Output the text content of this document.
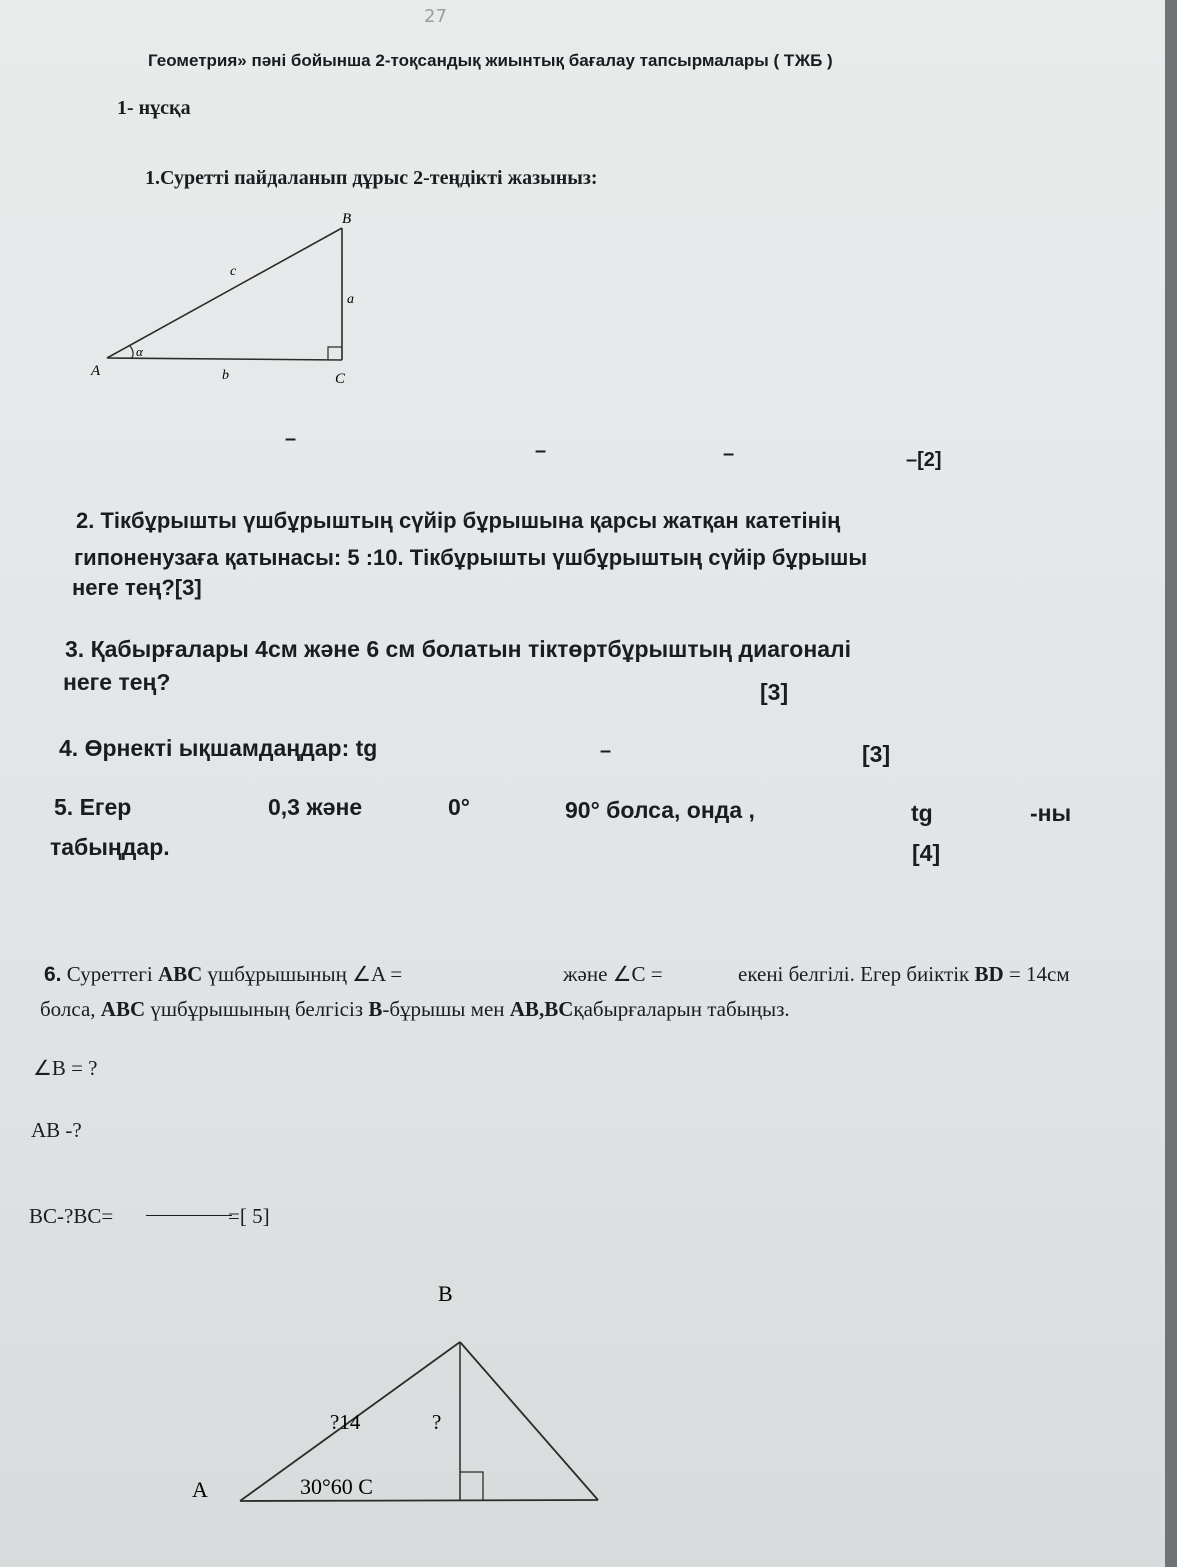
27
Геометрия» пәні бойынша 2-тоқсандық жиынтық бағалау тапсырмалары ( ТЖБ )
1- нұсқа
1.Суретті пайдаланып дұрыс 2-теңдікті жазыныз:
A
B
C
a
b
c
α
–
–	–	–[2]
2. Тікбұрышты үшбұрыштың сүйір бұрышына қарсы жатқан катетінің
гипоненузаға қатынасы: 5 :10. Тікбұрышты үшбұрыштың сүйір бұрышы
неге тең?[3]
3. Қабырғалары 4см және 6 см болатын тіктөртбұрыштың диагоналі
неге тең?	[3]
4. Өрнекті ықшамдаңдар: tg	–	[3]
5. Егер	0,3 және	0°	90° болса, онда ,	tg	-ны
табыңдар.	[4]
6. Суреттегі ABC үшбұрышының ∠A =	және ∠C =	екені белгілі. Егер биіктік BD = 14см
болса, ABC үшбұрышының белгісіз B-бұрышы мен AB,BCқабырғаларын табыңыз.
∠B = ?
AB -?
BC-?BC=	=[ 5]
B
A
?14	?
30°60 C
